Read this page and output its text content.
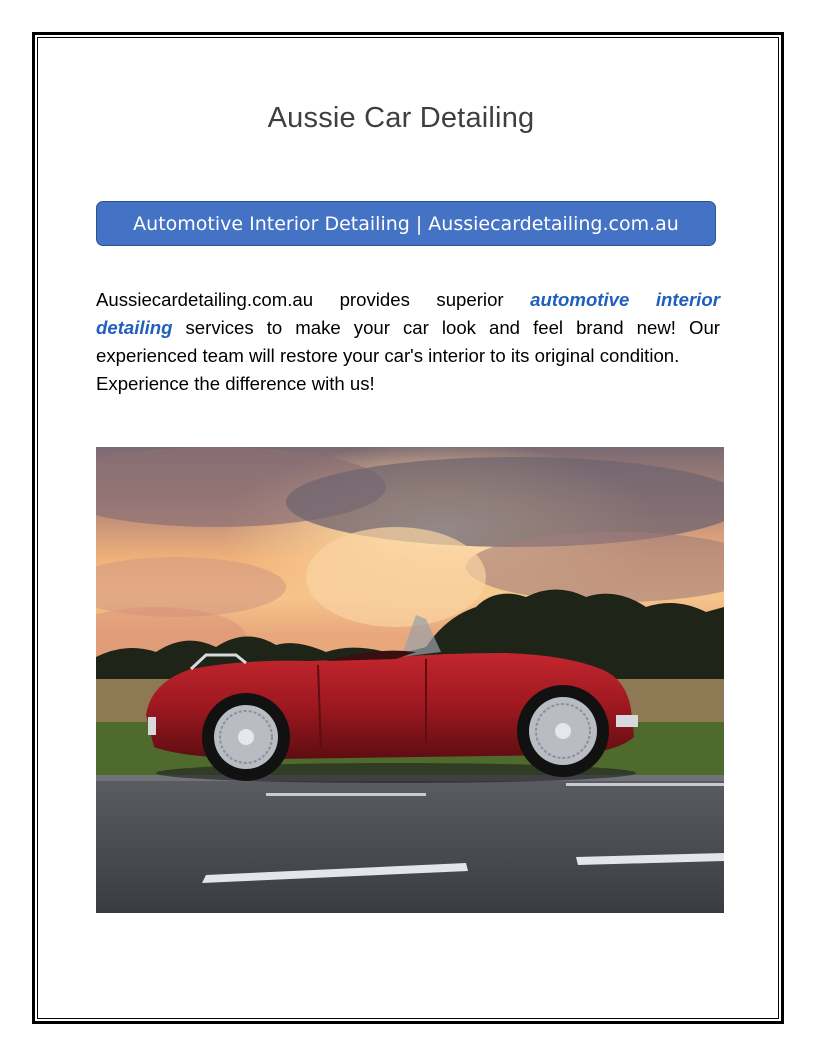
Aussie Car Detailing
Automotive Interior Detailing | Aussiecardetailing.com.au
Aussiecardetailing.com.au provides superior automotive interior
detailing services to make your car look and feel brand new! Our
experienced team will restore your car's interior to its original condition.
Experience the difference with us!
